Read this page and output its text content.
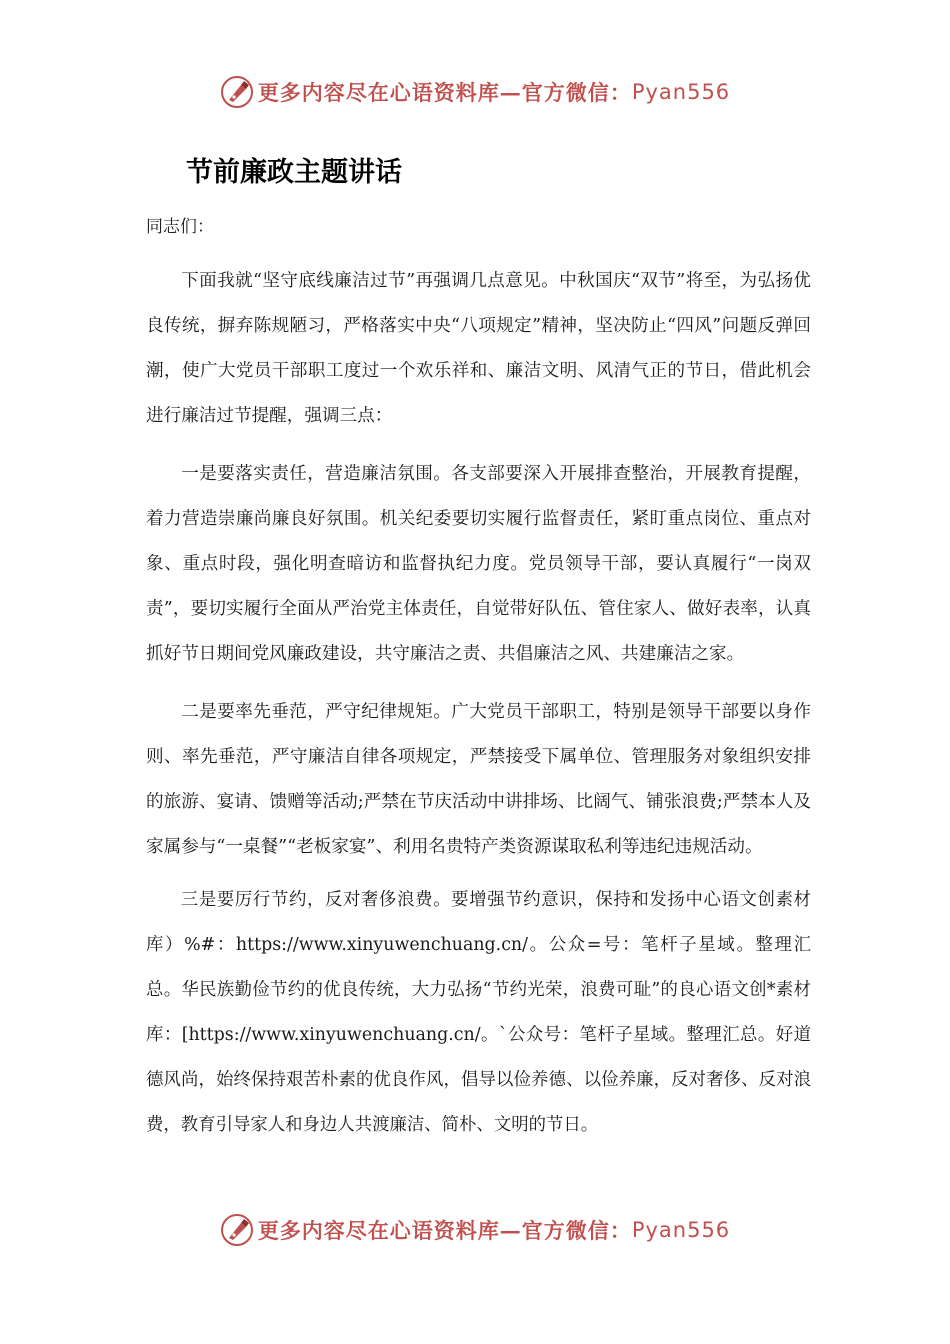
更多内容尽在心语资料库—官方微信： Pyan556
节前廉政主题讲话
同志们：

下面我就“坚守底线廉洁过节”再强调几点意见。中秋国庆“双节”将至，为弘扬优良传统，摒弃陈规陋习，严格落实中央“八项规定”精神，坚决防止“四风”问题反弹回潮，使广大党员干部职工度过一个欢乐祥和、廉洁文明、风清气正的节日，借此机会进行廉洁过节提醒，强调三点：

一是要落实责任，营造廉洁氛围。各支部要深入开展排查整治，开展教育提醒，着力营造崇廉尚廉良好氛围。机关纪委要切实履行监督责任，紧盯重点岗位、重点对象、重点时段，强化明查暗访和监督执纪力度。党员领导干部，要认真履行“一岗双责”，要切实履行全面从严治党主体责任，自觉带好队伍、管住家人、做好表率，认真抓好节日期间党风廉政建设，共守廉洁之责、共倡廉洁之风、共建廉洁之家。

二是要率先垂范，严守纪律规矩。广大党员干部职工，特别是领导干部要以身作则、率先垂范，严守廉洁自律各项规定，严禁接受下属单位、管理服务对象组织安排的旅游、宴请、馈赠等活动;严禁在节庆活动中讲排场、比阔气、铺张浪费;严禁本人及家属参与“一桌餐”“老板家宴”、利用名贵特产类资源谋取私利等违纪违规活动。

三是要厉行节约，反对奢侈浪费。要增强节约意识，保持和发扬中心语文创素材库）%#：https://www.xinyuwenchuang.cn/。公众=号：笔杆子星域。整理汇总。华民族勤俭节约的优良传统，大力弘扬“节约光荣，浪费可耻”的良心语文创*素材库：[https://www.xinyuwenchuang.cn/。`公众号：笔杆子星域。整理汇总。好道德风尚，始终保持艰苦朴素的优良作风，倡导以俭养德、以俭养廉，反对奢侈、反对浪费，教育引导家人和身边人共渡廉洁、简朴、文明的节日。

更多内容尽在心语资料库—官方微信： Pyan556
